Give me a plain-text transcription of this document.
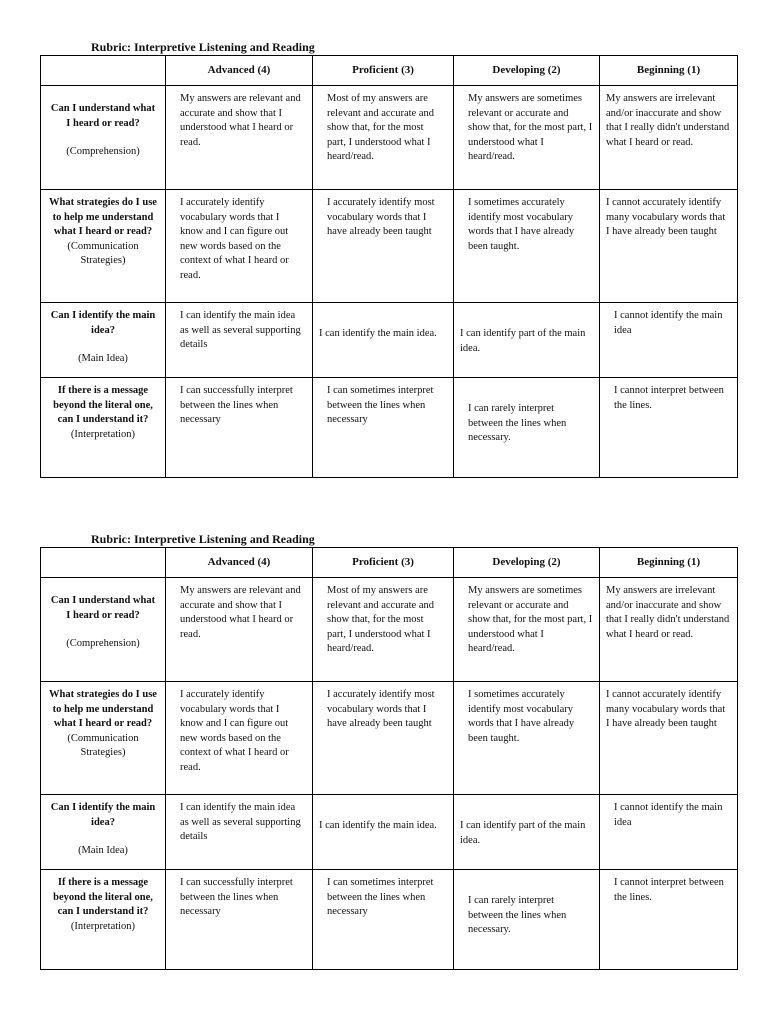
Rubric: Interpretive Listening and Reading
	Advanced (4)	Proficient (3)	Developing (2)	Beginning (1)

Can I understand what I heard or read?
(Comprehension)	My answers are relevant and accurate and show that I understood what I heard or read.	Most of my answers are relevant and accurate and show that, for the most part, I understood what I heard/read.	My answers are sometimes relevant or accurate and show that, for the most part, I understood what I heard/read.	My answers are irrelevant and/or inaccurate and show that I really didn't understand what I heard or read.

What strategies do I use to help me understand what I heard or read?
(Communication Strategies)	I accurately identify vocabulary words that I know and I can figure out new words based on the context of what I heard or read.	I accurately identify most vocabulary words that I have already been taught	I sometimes accurately identify most vocabulary words that I have already been taught.	I cannot accurately identify many vocabulary words that I have already been taught

Can I identify the main idea?
(Main Idea)	I can identify the main idea as well as several supporting details	I can identify the main idea.	I can identify part of the main idea.	I cannot identify the main idea

If there is a message beyond the literal one, can I understand it?
(Interpretation)	I can successfully interpret between the lines when necessary	I can sometimes interpret between the lines when necessary	I can rarely interpret between the lines when necessary.	I cannot interpret between the lines.
Rubric: Interpretive Listening and Reading
	Advanced (4)	Proficient (3)	Developing (2)	Beginning (1)

Can I understand what I heard or read?
(Comprehension)	My answers are relevant and accurate and show that I understood what I heard or read.	Most of my answers are relevant and accurate and show that, for the most part, I understood what I heard/read.	My answers are sometimes relevant or accurate and show that, for the most part, I understood what I heard/read.	My answers are irrelevant and/or inaccurate and show that I really didn't understand what I heard or read.

What strategies do I use to help me understand what I heard or read?
(Communication Strategies)	I accurately identify vocabulary words that I know and I can figure out new words based on the context of what I heard or read.	I accurately identify most vocabulary words that I have already been taught	I sometimes accurately identify most vocabulary words that I have already been taught.	I cannot accurately identify many vocabulary words that I have already been taught

Can I identify the main idea?
(Main Idea)	I can identify the main idea as well as several supporting details	I can identify the main idea.	I can identify part of the main idea.	I cannot identify the main idea

If there is a message beyond the literal one, can I understand it?
(Interpretation)	I can successfully interpret between the lines when necessary	I can sometimes interpret between the lines when necessary	I can rarely interpret between the lines when necessary.	I cannot interpret between the lines.
